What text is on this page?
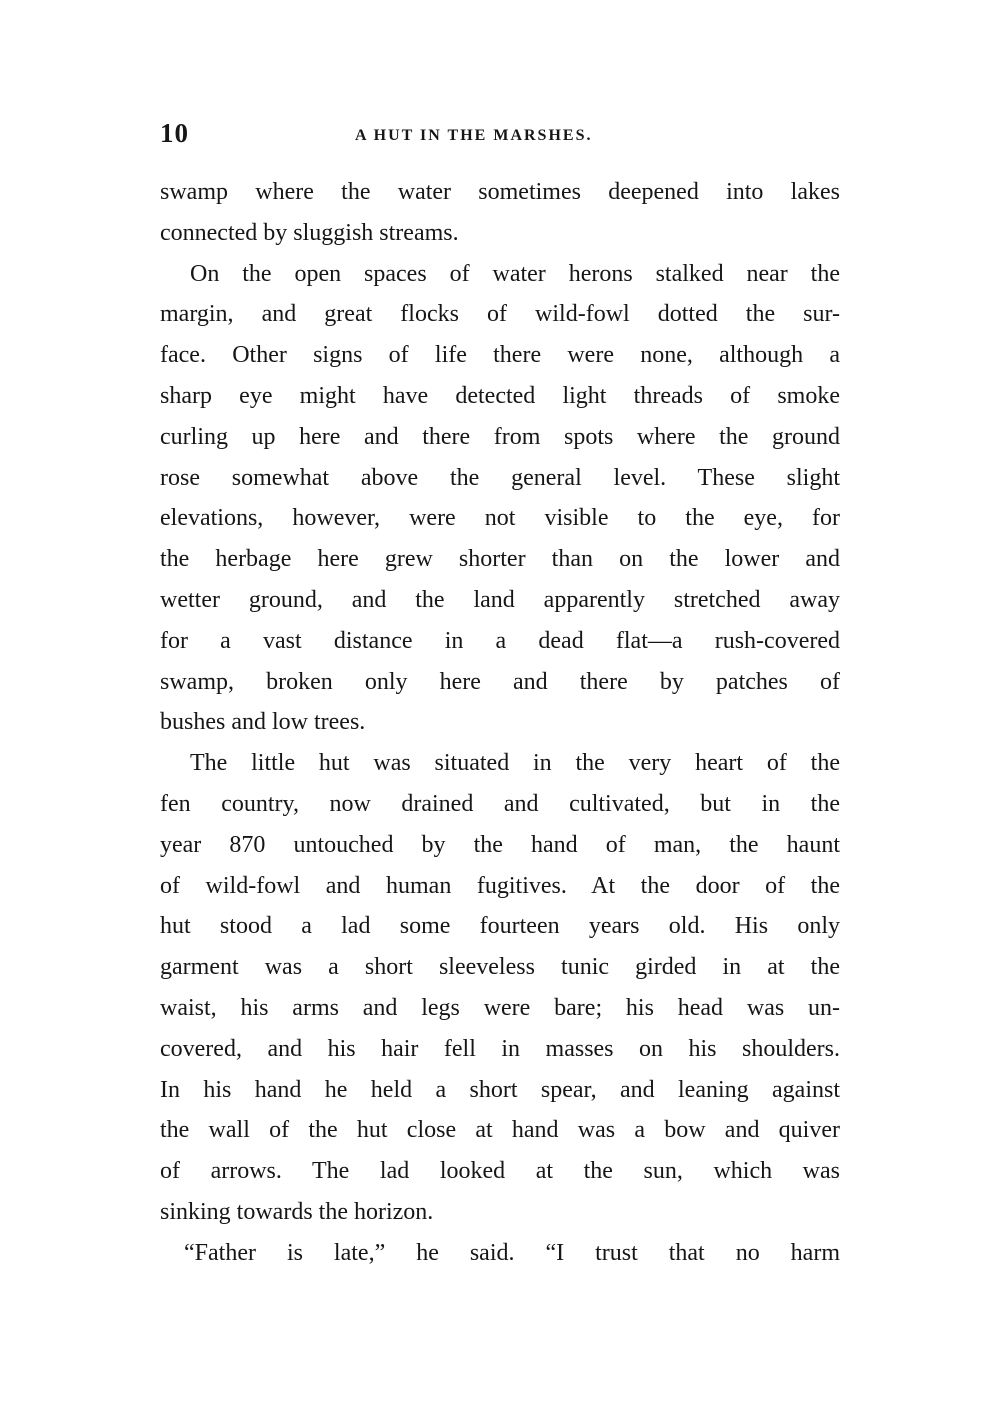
10	A HUT IN THE MARSHES.
swamp where the water sometimes deepened into lakes
connected by sluggish streams.
On the open spaces of water herons stalked near the
margin, and great flocks of wild-fowl dotted the sur-
face. Other signs of life there were none, although a
sharp eye might have detected light threads of smoke
curling up here and there from spots where the ground
rose somewhat above the general level. These slight
elevations, however, were not visible to the eye, for
the herbage here grew shorter than on the lower and
wetter ground, and the land apparently stretched away
for a vast distance in a dead flat—a rush-covered
swamp, broken only here and there by patches of
bushes and low trees.
The little hut was situated in the very heart of the
fen country, now drained and cultivated, but in the
year 870 untouched by the hand of man, the haunt
of wild-fowl and human fugitives. At the door of the
hut stood a lad some fourteen years old. His only
garment was a short sleeveless tunic girded in at the
waist, his arms and legs were bare; his head was un-
covered, and his hair fell in masses on his shoulders.
In his hand he held a short spear, and leaning against
the wall of the hut close at hand was a bow and quiver
of arrows. The lad looked at the sun, which was
sinking towards the horizon.
“Father is late,” he said. “I trust that no harm
